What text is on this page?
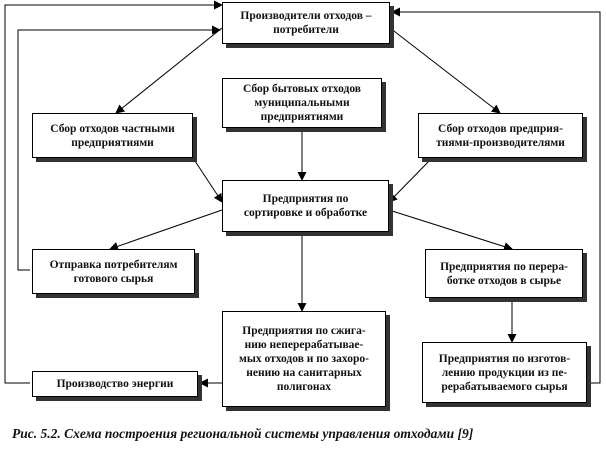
Производители отходов –
потребители
Сбор бытовых отходов
муниципальными
предприятиями
Сбор отходов частными
предприятиями
Сбор отходов предприя-
тиями-производителями
Предприятия по
сортировке и обработке
Отправка потребителям
готового сырья
Предприятия по перера-
ботке отходов в сырье
Предприятия по сжига-
нию неперерабатывае-
мых отходов и по захоро-
нению на санитарных
полигонах
Производство энергии
Предприятия по изготов-
лению продукции из пе-
рерабатываемого сырья
Рис. 5.2. Схема построения региональной системы управления отходами [9]
